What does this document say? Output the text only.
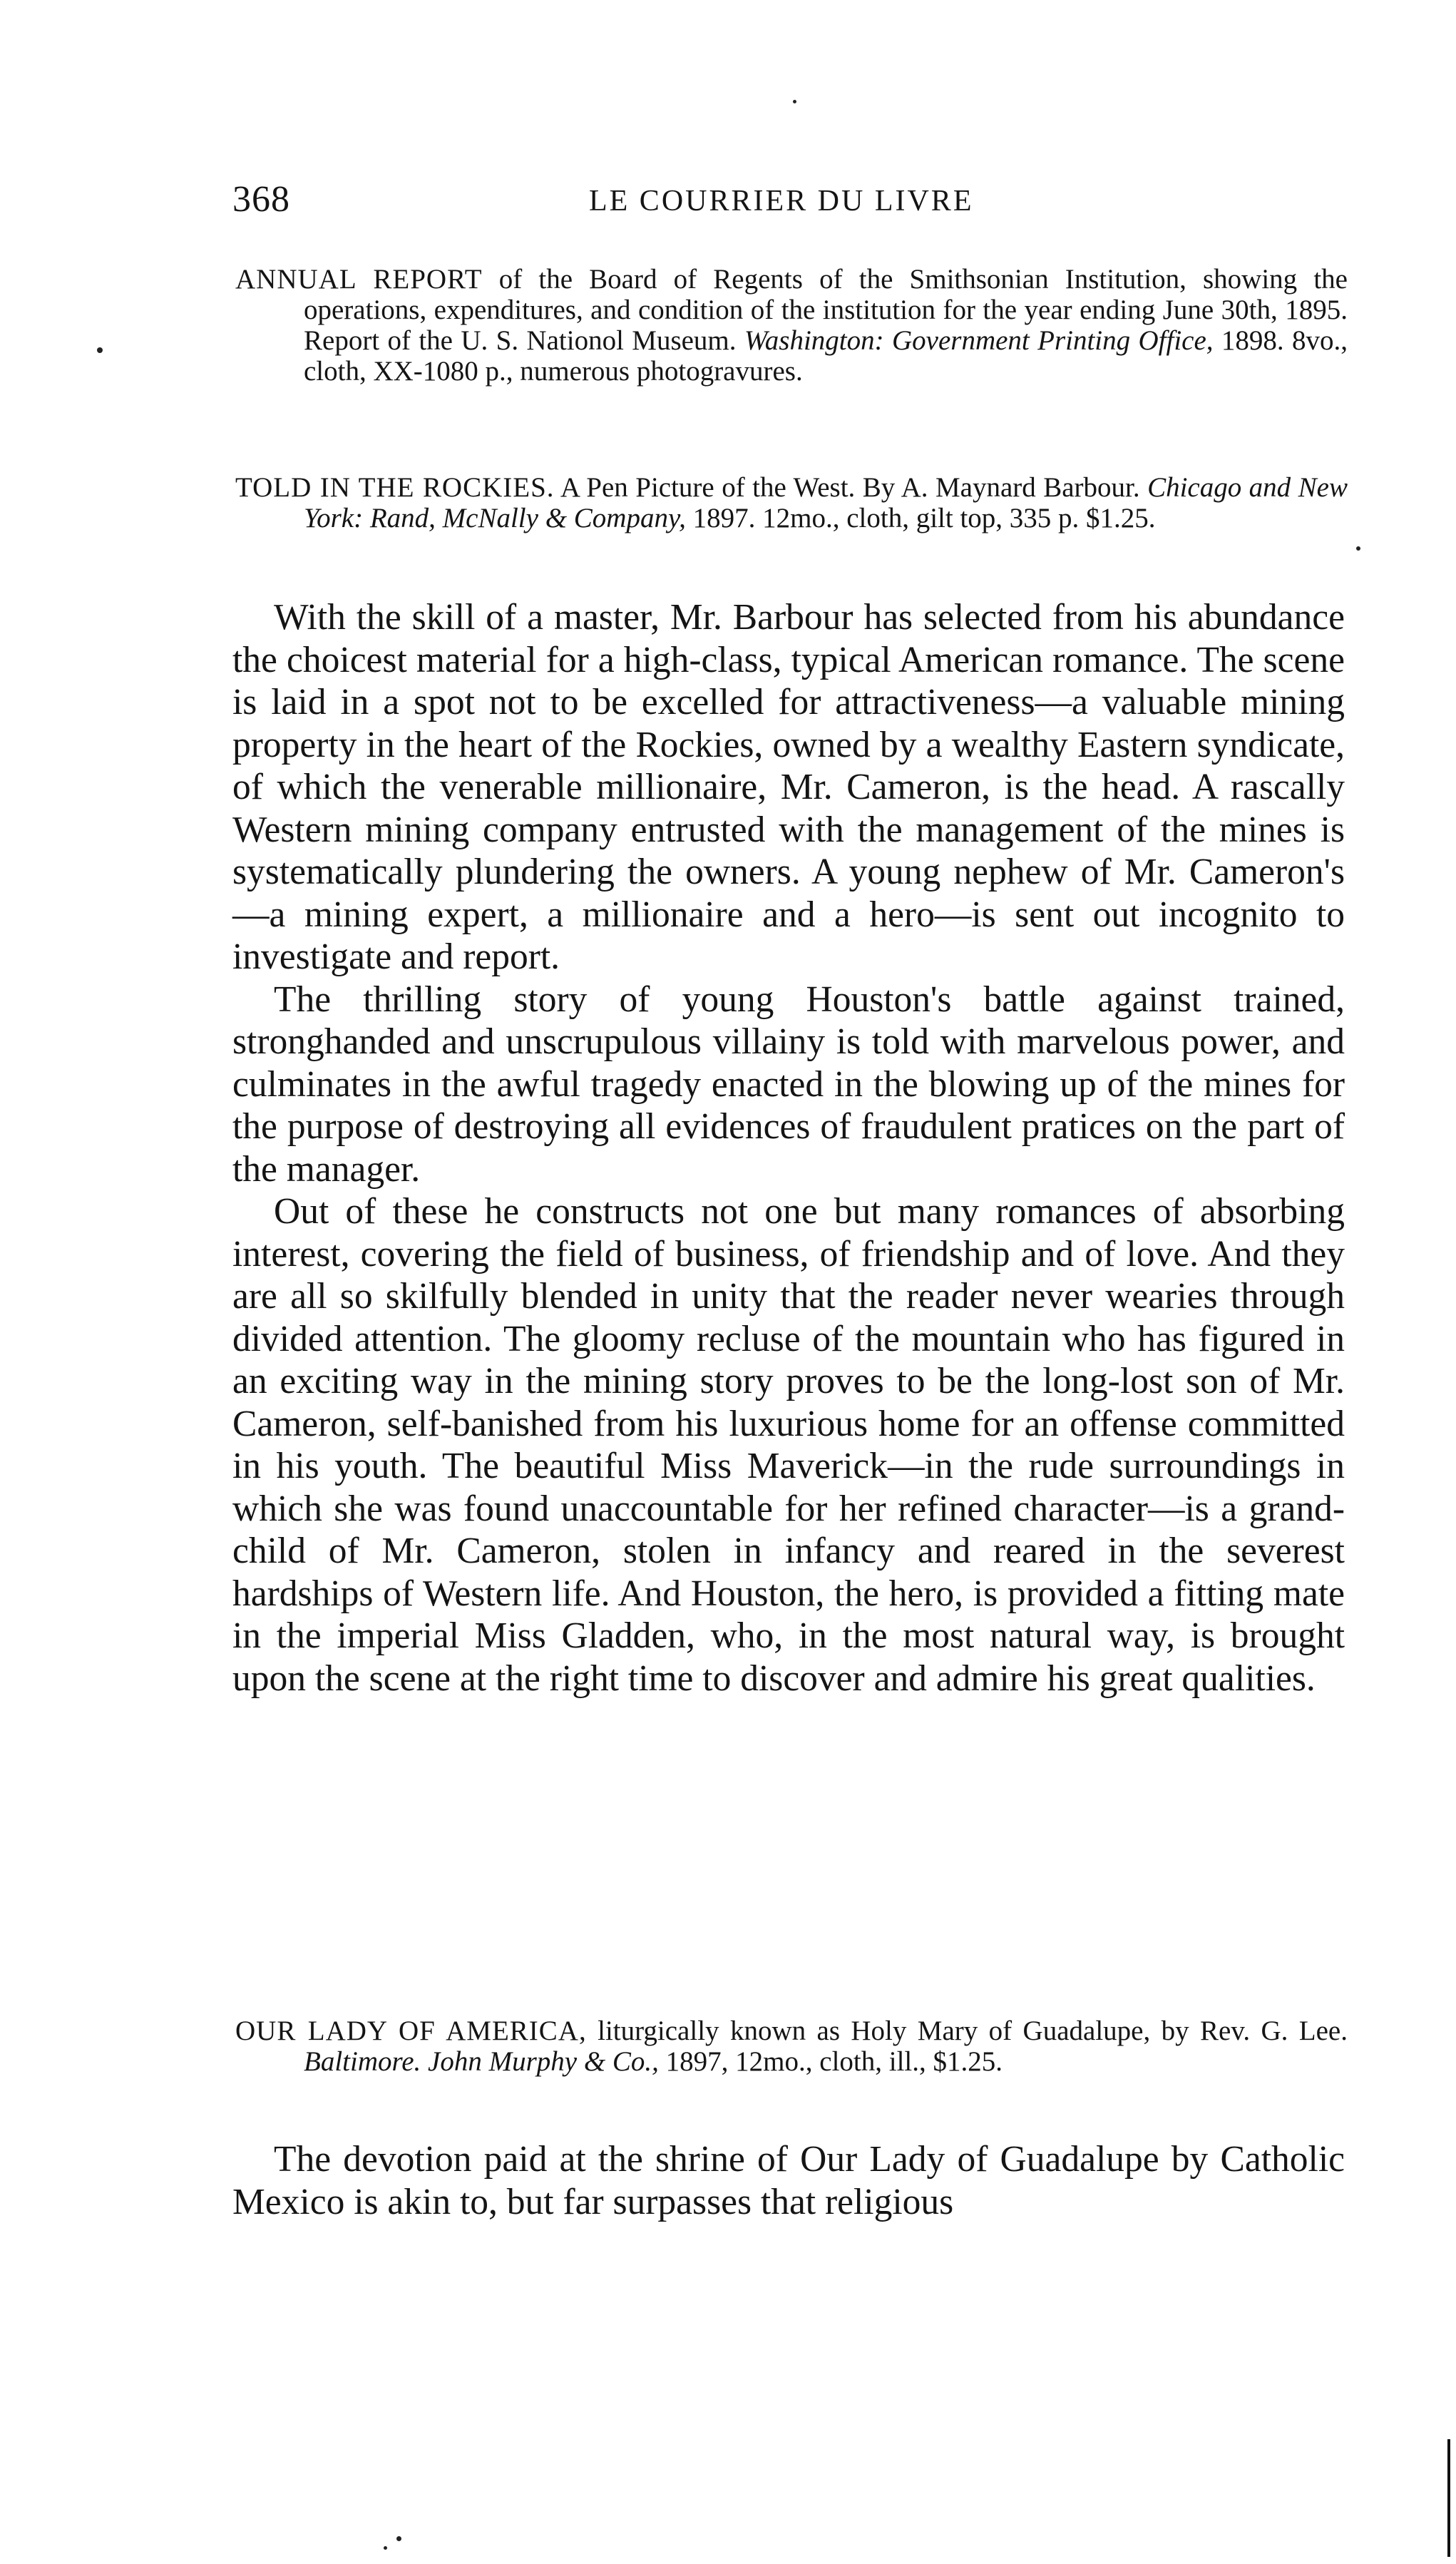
368	LE COURRIER DU LIVRE

ANNUAL REPORT of the Board of Regents of the Smithsonian Institution, showing the operations, expenditures, and condition of the institution for the year ending June 30th, 1895. Report of the U. S. Nationol Museum. Washington: Government Printing Office, 1898. 8vo., cloth, XX-1080 p., numerous photogravures.

TOLD IN THE ROCKIES. A Pen Picture of the West. By A. Maynard Barbour. Chicago and New York: Rand, McNally & Company, 1897. 12mo., cloth, gilt top, 335 p. $1.25.

With the skill of a master, Mr. Barbour has selected from his abundance the choicest material for a high-class, typical American romance. The scene is laid in a spot not to be excelled for attractiveness—a valuable mining property in the heart of the Rockies, owned by a wealthy Eastern syndicate, of which the venerable millionaire, Mr. Cameron, is the head. A rascally Western mining company entrusted with the management of the mines is systematically plundering the owners. A young nephew of Mr. Cameron's—a mining expert, a millionaire and a hero—is sent out incognito to investigate and report.

The thrilling story of young Houston's battle against trained, stronghanded and unscrupulous villainy is told with marvelous power, and culminates in the awful tragedy enacted in the blowing up of the mines for the purpose of destroying all evidences of fraudulent pratices on the part of the manager.

Out of these he constructs not one but many romances of absorbing interest, covering the field of business, of friendship and of love. And they are all so skilfully blended in unity that the reader never wearies through divided attention. The gloomy recluse of the mountain who has figured in an exciting way in the mining story proves to be the long-lost son of Mr. Cameron, self-banished from his luxurious home for an offense committed in his youth. The beautiful Miss Maverick—in the rude surroundings in which she was found unaccountable for her refined character—is a grand-child of Mr. Cameron, stolen in infancy and reared in the severest hardships of Western life. And Houston, the hero, is provided a fitting mate in the imperial Miss Gladden, who, in the most natural way, is brought upon the scene at the right time to discover and admire his great qualities.

OUR LADY OF AMERICA, liturgically known as Holy Mary of Guadalupe, by Rev. G. Lee. Baltimore. John Murphy & Co., 1897, 12mo., cloth, ill., $1.25.

The devotion paid at the shrine of Our Lady of Guadalupe by Catholic Mexico is akin to, but far surpasses that religious
